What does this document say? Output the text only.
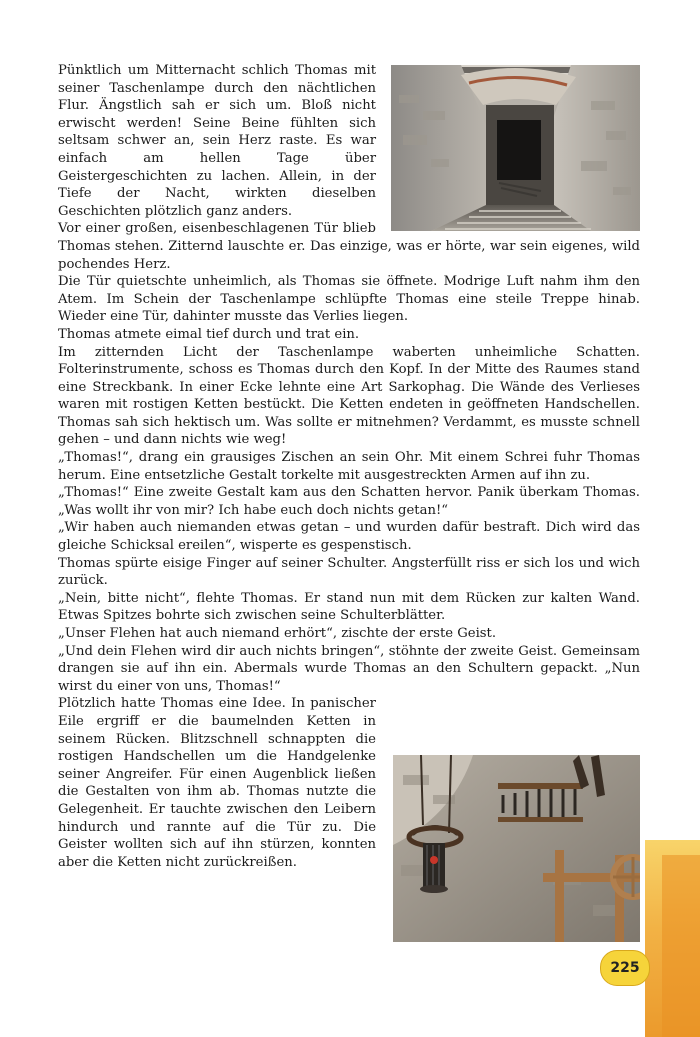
Pünktlich um Mitternacht schlich Thomas mit seiner Taschenlampe durch den nächtlichen Flur. Ängstlich sah er sich um. Bloß nicht erwischt werden! Seine Beine fühlten sich seltsam schwer an, sein Herz raste. Es war einfach am hellen Tage über Geistergeschichten zu lachen. Allein, in der Tiefe der Nacht, wirkten dieselben Geschichten plötzlich ganz anders.

Vor einer großen, eisenbeschlagenen Tür blieb Thomas stehen. Zitternd lauschte er. Das einzige, was er hörte, war sein eigenes, wild pochendes Herz.

Die Tür quietschte unheimlich, als Thomas sie öffnete. Modrige Luft nahm ihm den Atem. Im Schein der Taschenlampe schlüpfte Thomas eine steile Treppe hinab. Wieder eine Tür, dahinter musste das Verlies liegen.

Thomas atmete eimal tief durch und trat ein.

Im zitternden Licht der Taschenlampe waberten unheimliche Schatten. Folterinstrumente, schoss es Thomas durch den Kopf. In der Mitte des Raumes stand eine Streckbank. In einer Ecke lehnte eine Art Sarkophag. Die Wände des Verlieses waren mit rostigen Ketten bestückt. Die Ketten endeten in geöffneten Handschellen. Thomas sah sich hektisch um. Was sollte er mitnehmen? Verdammt, es musste schnell gehen – und dann nichts wie weg!

„Thomas!“, drang ein grausiges Zischen an sein Ohr. Mit einem Schrei fuhr Thomas herum. Eine entsetzliche Gestalt torkelte mit ausgestreckten Armen auf ihn zu.

„Thomas!“ Eine zweite Gestalt kam aus den Schatten hervor. Panik überkam Thomas. „Was wollt ihr von mir? Ich habe euch doch nichts getan!“

„Wir haben auch niemanden etwas getan – und wurden dafür bestraft. Dich wird das gleiche Schicksal ereilen“, wisperte es gespenstisch.

Thomas spürte eisige Finger auf seiner Schulter. Angsterfüllt riss er sich los und wich zurück.

„Nein, bitte nicht“, flehte Thomas. Er stand nun mit dem Rücken zur kalten Wand. Etwas Spitzes bohrte sich zwischen seine Schulterblätter.

„Unser Flehen hat auch niemand erhört“, zischte der erste Geist.

„Und dein Flehen wird dir auch nichts bringen“, stöhnte der zweite Geist. Gemeinsam drangen sie auf ihn ein. Abermals wurde Thomas an den Schultern gepackt. „Nun wirst du einer von uns, Thomas!“

Plötzlich hatte Thomas eine Idee. In panischer Eile ergriff er die baumelnden Ketten in seinem Rücken. Blitzschnell schnappten die rostigen Handschellen um die Handgelenke seiner Angreifer. Für einen Augenblick ließen die Gestalten von ihm ab. Thomas nutzte die Gelegenheit. Er tauchte zwischen den Leibern hindurch und rannte auf die Tür zu. Die Geister wollten sich auf ihn stürzen, konnten aber die Ketten nicht zurückreißen.

225
